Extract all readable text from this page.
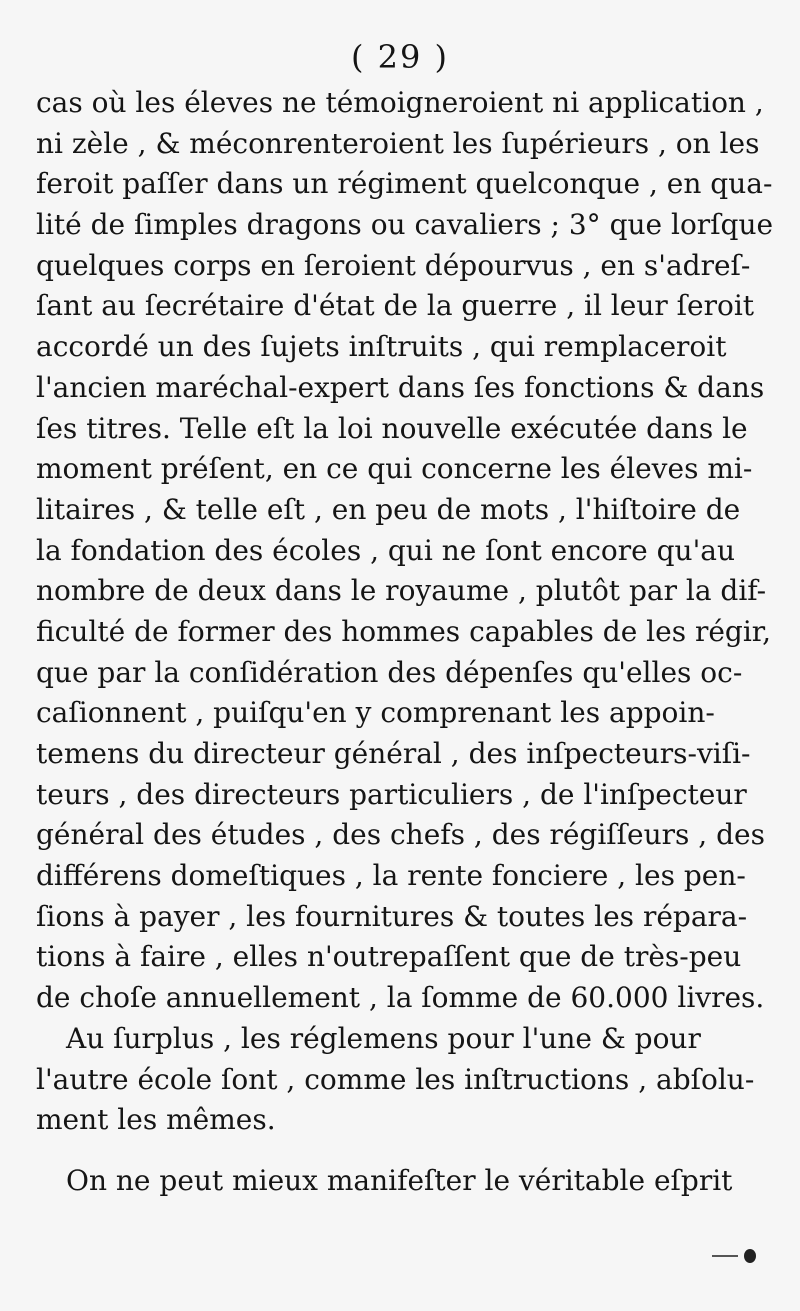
( 29 )
cas où les éleves ne témoigneroient ni application ,
ni zèle , & méconrenteroient les ſupérieurs , on les
feroit paſſer dans un régiment quelconque , en qua-
lité de ſimples dragons ou cavaliers ; 3° que lorſque
quelques corps en ſeroient dépourvus , en s'adreſ-
ſant au ſecrétaire d'état de la guerre , il leur ſeroit
accordé un des ſujets inſtruits , qui remplaceroit
l'ancien maréchal-expert dans ſes fonctions & dans
ſes titres. Telle eſt la loi nouvelle exécutée dans le
moment préſent, en ce qui concerne les éleves mi-
litaires , & telle eſt , en peu de mots , l'hiſtoire de
la fondation des écoles , qui ne ſont encore qu'au
nombre de deux dans le royaume , plutôt par la dif-
ficulté de former des hommes capables de les régir,
que par la conſidération des dépenſes qu'elles oc-
caſionnent , puiſqu'en y comprenant les appoin-
temens du directeur général , des inſpecteurs-viſi-
teurs , des directeurs particuliers , de l'inſpecteur
général des études , des chefs , des régiſſeurs , des
différens domeſtiques , la rente fonciere , les pen-
ſions à payer , les fournitures & toutes les répara-
tions à faire , elles n'outrepaſſent que de très-peu
de choſe annuellement , la ſomme de 60.000 livres.
Au ſurplus , les réglemens pour l'une & pour
l'autre école ſont , comme les inſtructions , abſolu-
ment les mêmes.
On ne peut mieux manifeſter le véritable eſprit
